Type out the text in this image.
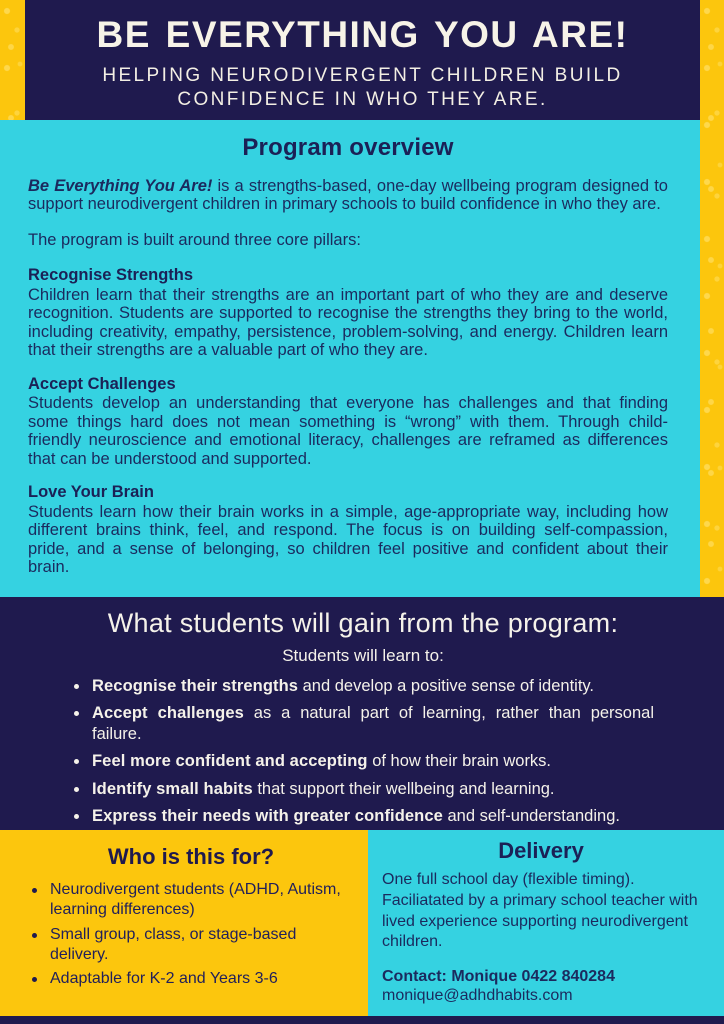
BE EVERYTHING YOU ARE!
HELPING NEURODIVERGENT CHILDREN BUILD CONFIDENCE IN WHO THEY ARE.
Program overview

Be Everything You Are! is a strengths-based, one-day wellbeing program designed to support neurodivergent children in primary schools to build confidence in who they are.

The program is built around three core pillars:

Recognise Strengths

Children learn that their strengths are an important part of who they are and deserve recognition. Students are supported to recognise the strengths they bring to the world, including creativity, empathy, persistence, problem-solving, and energy. Children learn that their strengths are a valuable part of who they are.

Accept Challenges

Students develop an understanding that everyone has challenges and that finding some things hard does not mean something is “wrong” with them. Through child-friendly neuroscience and emotional literacy, challenges are reframed as differences that can be understood and supported.

Love Your Brain

Students learn how their brain works in a simple, age-appropriate way, including how different brains think, feel, and respond. The focus is on building self-compassion, pride, and a sense of belonging, so children feel positive and confident about their brain.

What students will gain from the program:
Students will learn to:
Recognise their strengths and develop a positive sense of identity.
Accept challenges as a natural part of learning, rather than personal failure.
Feel more confident and accepting of how their brain works.
Identify small habits that support their wellbeing and learning.
Express their needs with greater confidence and self-understanding.
Who is this for?
Neurodivergent students (ADHD, Autism, learning differences)
Small group, class, or stage-based delivery.
Adaptable for K-2 and Years 3-6
Delivery

One full school day (flexible timing). Faciliatated by a primary school teacher with lived experience supporting neurodivergent children.

Contact: Monique 0422 840284

monique@adhdhabits.com
